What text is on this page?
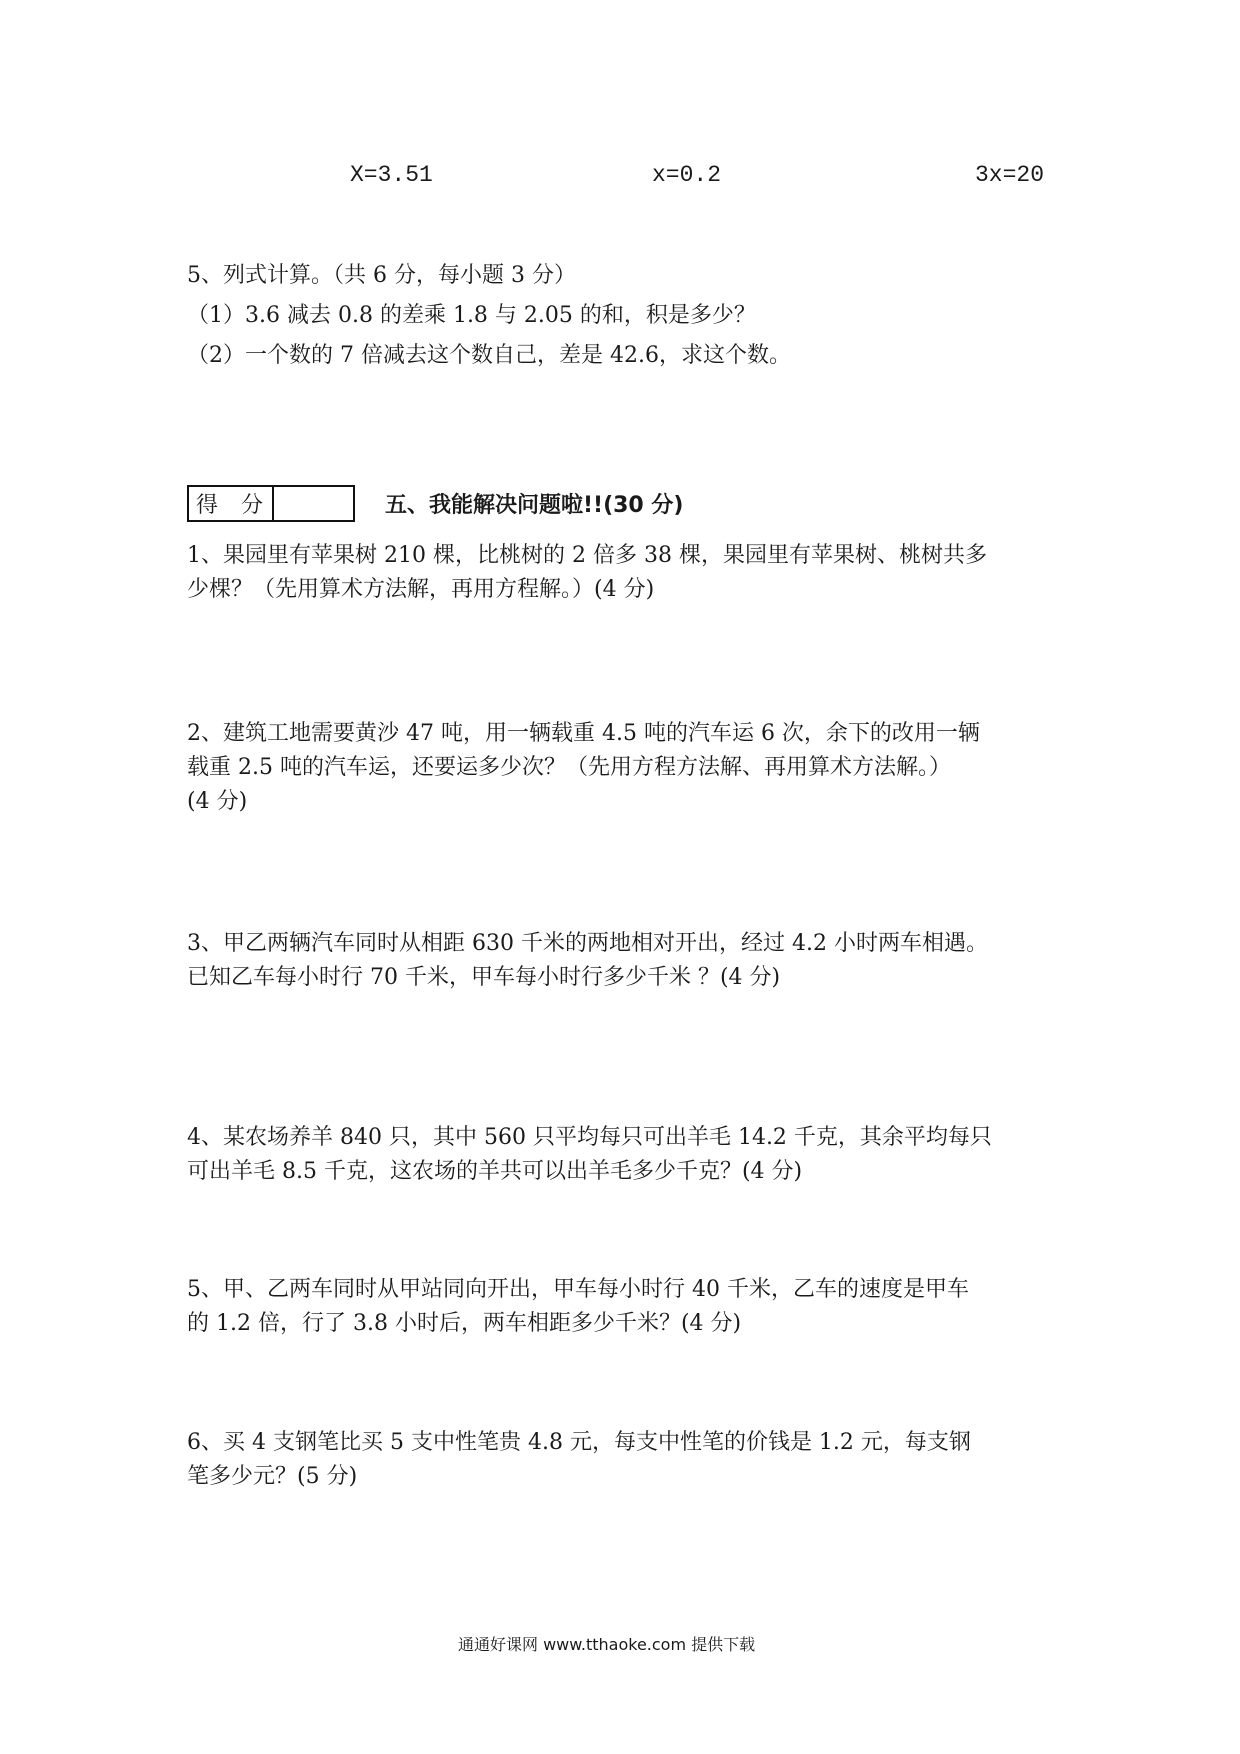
X=3.51	x=0.2	3x=20
5、列式计算。（共 6 分，每小题 3 分）
（1）3.6 减去 0.8 的差乘 1.8 与 2.05 的和，积是多少？
（2）一个数的 7 倍减去这个数自己，差是 42.6，求这个数。
得 分	五、我能解决问题啦!!(30 分)
1、果园里有苹果树 210 棵，比桃树的 2 倍多 38 棵，果园里有苹果树、桃树共多
少棵？（先用算术方法解，再用方程解。）(4 分)
2、建筑工地需要黄沙 47 吨，用一辆载重 4.5 吨的汽车运 6 次，余下的改用一辆
载重 2.5 吨的汽车运，还要运多少次？（先用方程方法解、再用算术方法解。）
(4 分)
3、甲乙两辆汽车同时从相距 630 千米的两地相对开出，经过 4.2 小时两车相遇。
已知乙车每小时行 70 千米，甲车每小时行多少千米 ？(4 分)
4、某农场养羊 840 只，其中 560 只平均每只可出羊毛 14.2 千克，其余平均每只
可出羊毛 8.5 千克，这农场的羊共可以出羊毛多少千克？(4 分)
5、甲、乙两车同时从甲站同向开出，甲车每小时行 40 千米，乙车的速度是甲车
的 1.2 倍，行了 3.8 小时后，两车相距多少千米？(4 分)
6、买 4 支钢笔比买 5 支中性笔贵 4.8 元，每支中性笔的价钱是 1.2 元，每支钢
笔多少元？(5 分)
通通好课网 www.tthaoke.com 提供下载
